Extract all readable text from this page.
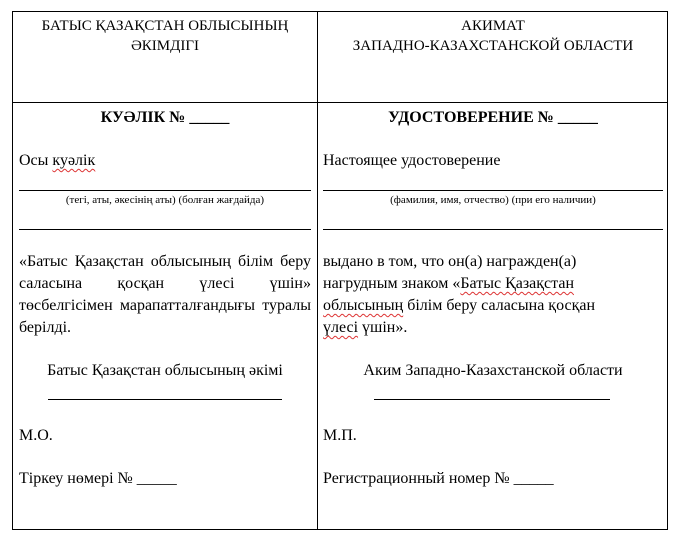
БАТЫС ҚАЗАҚСТАН ОБЛЫСЫНЫҢ
ӘКІМДІГІ
АКИМАТ
ЗАПАДНО-КАЗАХСТАНСКОЙ ОБЛАСТИ
КУӘЛІК № _____
Осы куәлік
(тегі, аты, әкесінің аты) (болған жағдайда)
«Батыс Қазақстан облысының білім беру саласына қосқан үлесі үшін» төсбелгісімен марапатталғандығы туралы берілді.
Батыс Қазақстан облысының әкімі
М.О.
Тіркеу нөмері № _____
УДОСТОВЕРЕНИЕ № _____
Настоящее удостоверение
(фамилия, имя, отчество) (при его наличии)
выдано в том, что он(а) награжден(а)
нагрудным знаком «Батыс Қазақстан
облысының білім беру саласына қосқан
үлесі үшін».
Аким Западно-Казахстанской области
М.П.
Регистрационный номер № _____
